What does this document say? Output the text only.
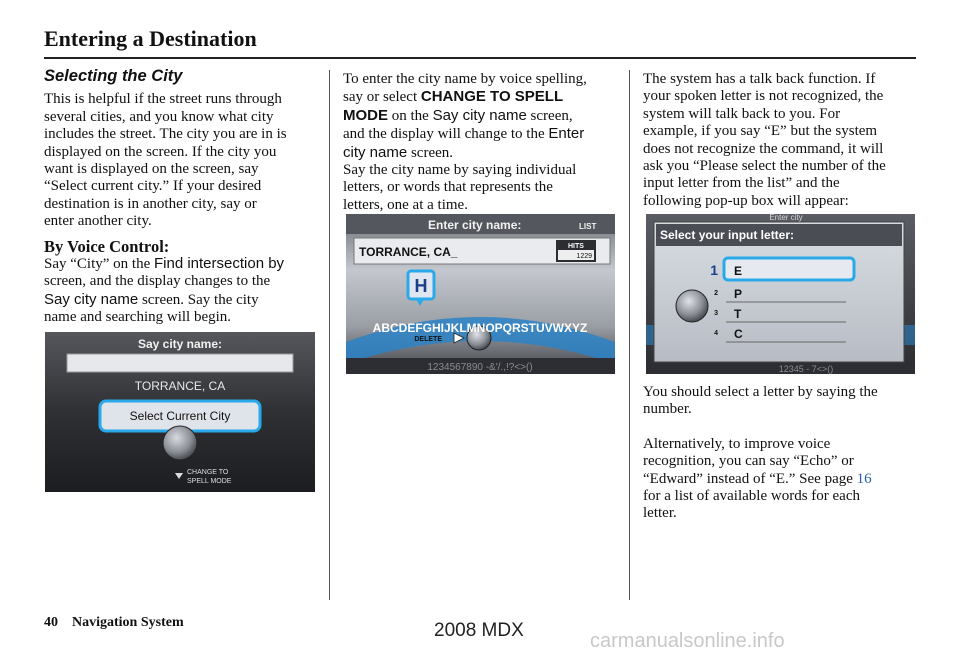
Entering a Destination

Selecting the City

This is helpful if the street runs through

several cities, and you know what city

includes the street. The city you are in is

displayed on the screen. If the city you

want is displayed on the screen, say

“Select current city.” If your desired

destination is in another city, say or

enter another city.

By Voice Control:

Say “City” on the Find intersection by

screen, and the display changes to the

Say city name screen. Say the city

name and searching will begin.

Say city name:
TORRANCE, CA
Select Current City
CHANGE TO
SPELL MODE

To enter the city name by voice spelling,

say or select CHANGE TO SPELL

MODE on the Say city name screen,

and the display will change to the Enter

city name screen.

Say the city name by saying individual

letters, or words that represents the

letters, one at a time.

Enter city name:	LIST
TORRANCE, CA_	HITS
1229
H
ABCDEFGHIJKLMNOPQRSTUVWXYZ
DELETE
1234567890 -&'/.,!?<>()

The system has a talk back function. If

your spoken letter is not recognized, the

system will talk back to you. For

example, if you say “E” but the system

does not recognize the command, it will

ask you “Please select the number of the

input letter from the list” and the

following pop-up box will appear:

Enter city
Select your input letter:
1 E
2 P
3 T
4 C
12345 - 7<>()

You should select a letter by saying the

number.

Alternatively, to improve voice

recognition, you can say “Echo” or

“Edward” instead of “E.” See page 16

for a list of available words for each

letter.

40 Navigation System	2008 MDX	carmanualsonline.info
